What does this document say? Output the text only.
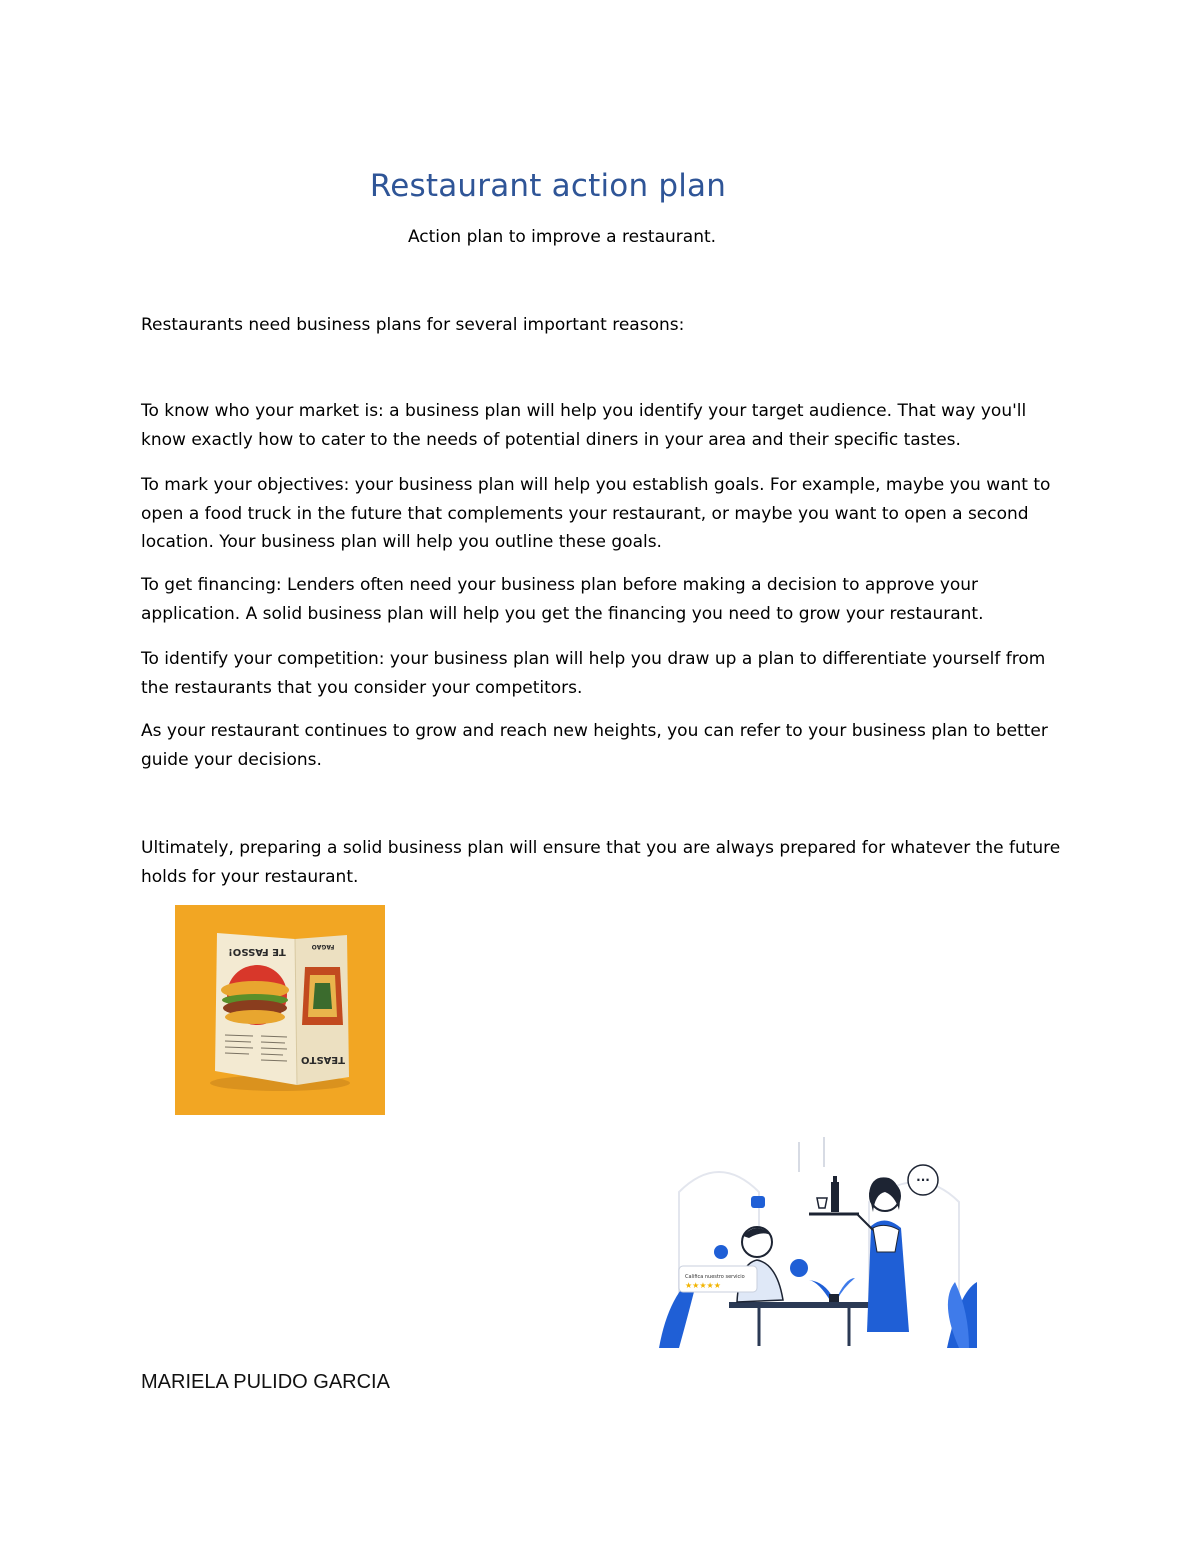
Restaurant action plan
Action plan to improve a restaurant.
Restaurants need business plans for several important reasons:
To know who your market is: a business plan will help you identify your target audience. That way you'll know exactly how to cater to the needs of potential diners in your area and their specific tastes.
To mark your objectives: your business plan will help you establish goals. For example, maybe you want to open a food truck in the future that complements your restaurant, or maybe you want to open a second location. Your business plan will help you outline these goals.
To get financing: Lenders often need your business plan before making a decision to approve your application. A solid business plan will help you get the financing you need to grow your restaurant.
To identify your competition: your business plan will help you draw up a plan to differentiate yourself from the restaurants that you consider your competitors.
As your restaurant continues to grow and reach new heights, you can refer to your business plan to better guide your decisions.
Ultimately, preparing a solid business plan will ensure that you are always prepared for whatever the future holds for your restaurant.
TE FASSO!	FAGAO
TEASTO
Califica nuestro servicio
★★★★★
···
MARIELA PULIDO GARCIA
